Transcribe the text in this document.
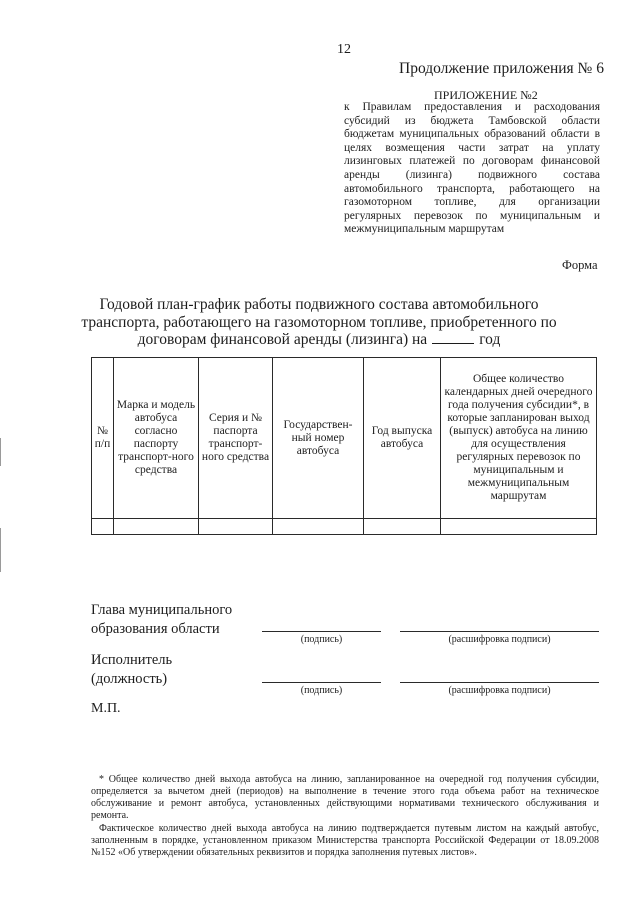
12
Продолжение приложения № 6
ПРИЛОЖЕНИЕ №2
к Правилам предоставления и расходования субсидий из бюджета Тамбовской области бюджетам муниципальных образований области в целях возмещения части затрат на уплату лизинговых платежей по договорам финансовой аренды (лизинга) подвижного состава автомобильного транспорта, работающего на газомоторном топливе, для организации регулярных перевозок по муниципальным и межмуниципальным маршрутам
Форма
Годовой план-график работы подвижного состава автомобильного транспорта, работающего на газомоторном топливе, приобретенного по договорам финансовой аренды (лизинга) на	год
№ п/п	Марка и модель автобуса согласно паспорту транспорт-ного средства	Серия и № паспорта транспорт-ного средства	Государствен-ный номер автобуса	Год выпуска автобуса	Общее количество календарных дней очередного года получения субсидии*, в которые запланирован выход (выпуск) автобуса на линию для осуществления регулярных перевозок по муниципальным и межмуниципальным маршрутам

Глава муниципального
образования области
(подпись)	(расшифровка подписи)
Исполнитель
(должность)
(подпись)	(расшифровка подписи)
М.П.
* Общее количество дней выхода автобуса на линию, запланированное на очередной год получения субсидии, определяется за вычетом дней (периодов) на выполнение в течение этого года объема работ на техническое обслуживание и ремонт автобуса, установленных действующими нормативами технического обслуживания и ремонта.
Фактическое количество дней выхода автобуса на линию подтверждается путевым листом на каждый автобус, заполненным в порядке, установленном приказом Министерства транспорта Российской Федерации от 18.09.2008 №152 «Об утверждении обязательных реквизитов и порядка заполнения путевых листов».
